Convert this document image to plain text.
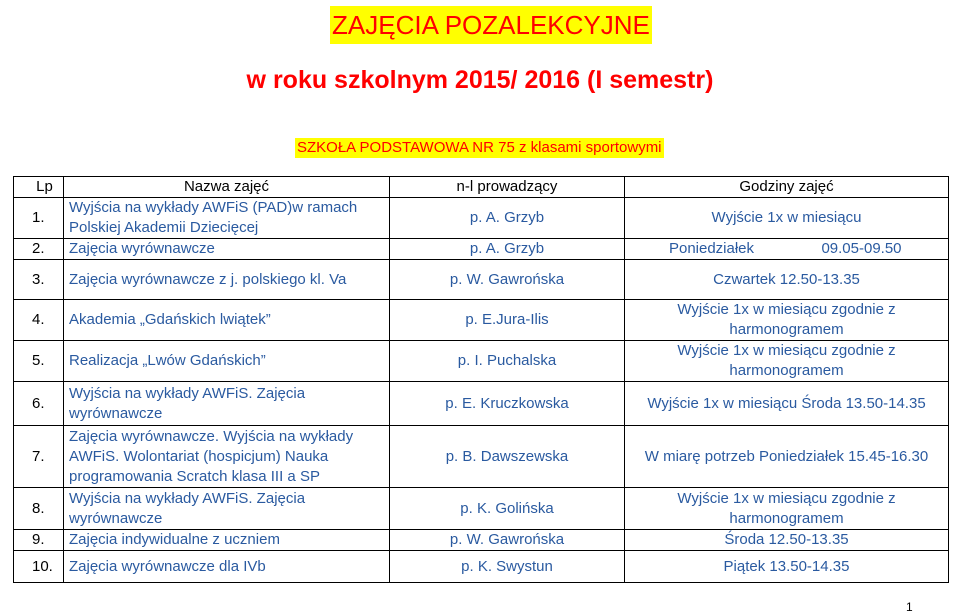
ZAJĘCIA POZALEKCYJNE
w roku szkolnym 2015/ 2016 (I semestr)
SZKOŁA PODSTAWOWA NR 75 z klasami sportowymi
Lp	Nazwa zajęć	n-l prowadzący	Godziny zajęć
1.	Wyjścia na wykłady AWFiS (PAD)w ramach Polskiej Akademii Dziecięcej	p. A. Grzyb	Wyjście 1x w miesiącu
2.	Zajęcia wyrównawcze	p. A. Grzyb	Poniedziałek 09.05-09.50
3.	Zajęcia wyrównawcze z j. polskiego kl. Va	p. W. Gawrońska	Czwartek 12.50-13.35
4.	Akademia „Gdańskich lwiątek”	p. E.Jura-Ilis	Wyjście 1x w miesiącu zgodnie z harmonogramem
5.	Realizacja „Lwów Gdańskich”	p. I. Puchalska	Wyjście 1x w miesiącu zgodnie z harmonogramem
6.	Wyjścia na wykłady AWFiS. Zajęcia wyrównawcze	p. E. Kruczkowska	Wyjście 1x w miesiącu Środa 13.50-14.35
7.	Zajęcia wyrównawcze. Wyjścia na wykłady AWFiS. Wolontariat (hospicjum) Nauka programowania Scratch klasa III a SP	p. B. Dawszewska	W miarę potrzeb Poniedziałek 15.45-16.30
8.	Wyjścia na wykłady AWFiS. Zajęcia wyrównawcze	p. K. Golińska	Wyjście 1x w miesiącu zgodnie z harmonogramem
9.	Zajęcia indywidualne z uczniem	p. W. Gawrońska	Środa 12.50-13.35
10.	Zajęcia wyrównawcze dla IVb	p. K. Swystun	Piątek 13.50-14.35
1
